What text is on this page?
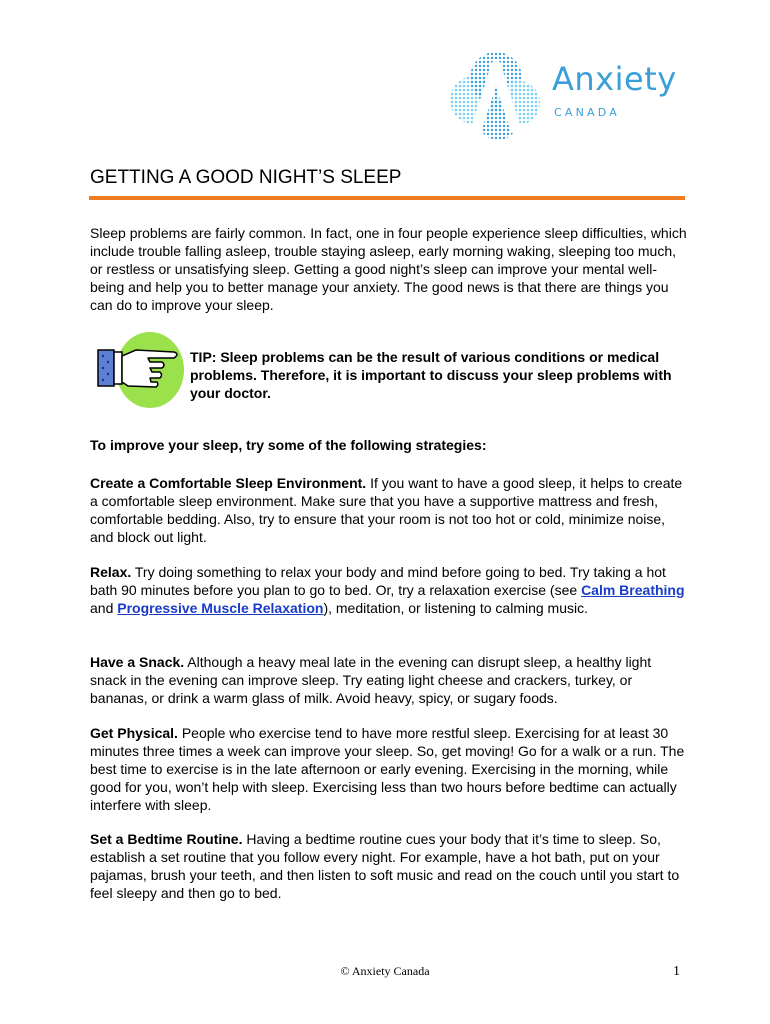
Anxiety
CANADA
GETTING A GOOD NIGHT’S SLEEP

Sleep problems are fairly common. In fact, one in four people experience sleep difficulties, which include trouble falling asleep, trouble staying asleep, early morning waking, sleeping too much, or restless or unsatisfying sleep. Getting a good night’s sleep can improve your mental well-being and help you to better manage your anxiety. The good news is that there are things you can do to improve your sleep.

TIP: Sleep problems can be the result of various conditions or medical problems. Therefore, it is important to discuss your sleep problems with your doctor.

To improve your sleep, try some of the following strategies:

Create a Comfortable Sleep Environment. If you want to have a good sleep, it helps to create a comfortable sleep environment. Make sure that you have a supportive mattress and fresh, comfortable bedding. Also, try to ensure that your room is not too hot or cold, minimize noise, and block out light.

Relax. Try doing something to relax your body and mind before going to bed. Try taking a hot bath 90 minutes before you plan to go to bed. Or, try a relaxation exercise (see Calm Breathing and Progressive Muscle Relaxation), meditation, or listening to calming music.

Have a Snack. Although a heavy meal late in the evening can disrupt sleep, a healthy light snack in the evening can improve sleep. Try eating light cheese and crackers, turkey, or bananas, or drink a warm glass of milk. Avoid heavy, spicy, or sugary foods.

Get Physical. People who exercise tend to have more restful sleep. Exercising for at least 30 minutes three times a week can improve your sleep. So, get moving! Go for a walk or a run. The best time to exercise is in the late afternoon or early evening. Exercising in the morning, while good for you, won’t help with sleep. Exercising less than two hours before bedtime can actually interfere with sleep.

Set a Bedtime Routine. Having a bedtime routine cues your body that it’s time to sleep. So, establish a set routine that you follow every night. For example, have a hot bath, put on your pajamas, brush your teeth, and then listen to soft music and read on the couch until you start to feel sleepy and then go to bed.

© Anxiety Canada	1
